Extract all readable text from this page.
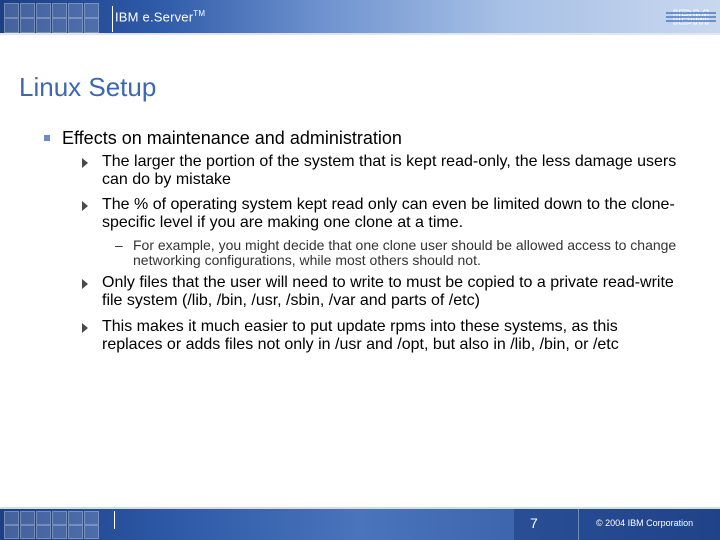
IBM e.Server™	IBM
Linux Setup
Effects on maintenance and administration
The larger the portion of the system that is kept read-only, the less damage users can do by mistake
The % of operating system kept read only can even be limited down to the clone-specific level if you are making one clone at a time.
– For example, you might decide that one clone user should be allowed access to change networking configurations, while most others should not.
Only files that the user will need to write to must be copied to a private read-write file system (/lib, /bin, /usr, /sbin, /var and parts of /etc)
This makes it much easier to put update rpms into these systems, as this replaces or adds files not only in /usr and /opt, but also in /lib, /bin, or /etc
7	© 2004 IBM Corporation
